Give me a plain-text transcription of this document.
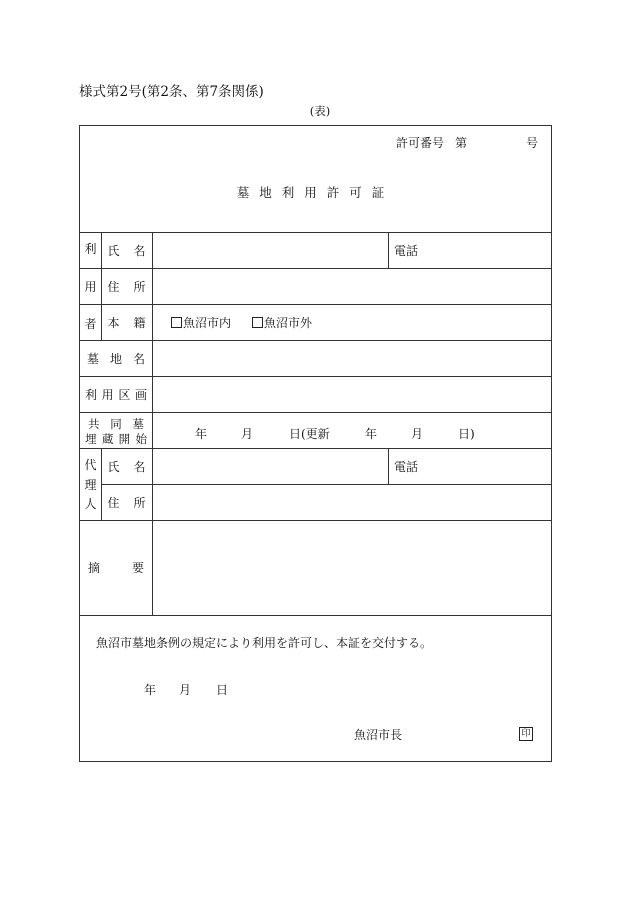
様式第2号(第2条、第7条関係)
(表)
許可番号 第	号
墓地利用許可証
利
用
者
氏 名	電話
住 所
本 籍	魚沼市内	魚沼市外
墓 地 名
利 用 区 画
共 同 墓
埋 蔵 開 始	年	月	日 (更新	年	月	日)
代
理
人
氏 名	電話
住 所
摘	要
魚沼市墓地条例の規定により利用を許可し、本証を交付する。
年 月 日
魚沼市長	印
